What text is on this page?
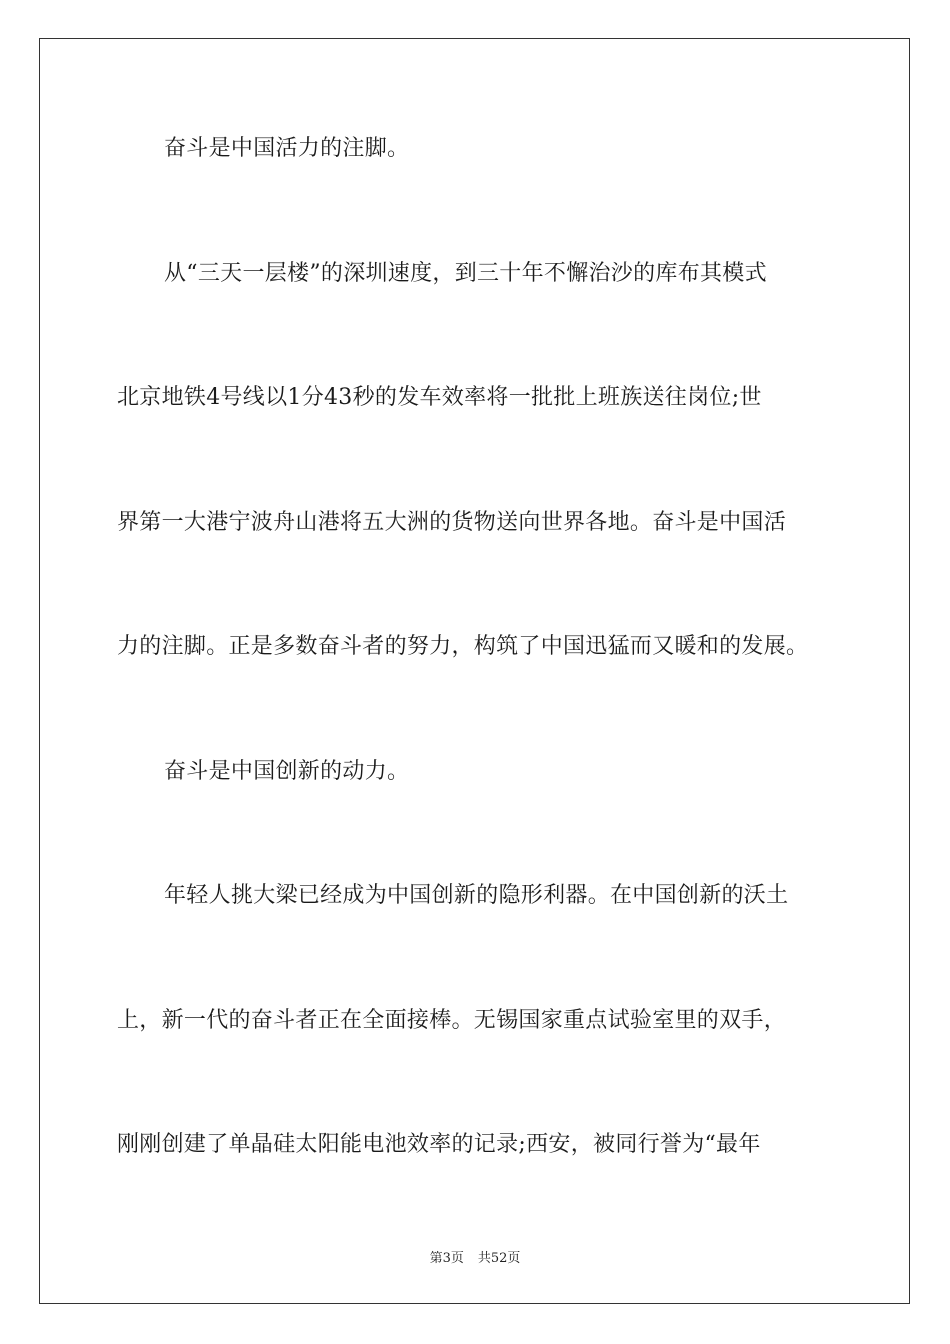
奋斗是中国活力的注脚。
从“三天一层楼”的深圳速度，到三十年不懈治沙的库布其模式
北京地铁4号线以1分43秒的发车效率将一批批上班族送往岗位;世
界第一大港宁波舟山港将五大洲的货物送向世界各地。奋斗是中国活
力的注脚。正是多数奋斗者的努力，构筑了中国迅猛而又暖和的发展。
奋斗是中国创新的动力。
年轻人挑大梁已经成为中国创新的隐形利器。在中国创新的沃土
上，新一代的奋斗者正在全面接棒。无锡国家重点试验室里的双手，
刚刚创建了单晶硅太阳能电池效率的记录;西安，被同行誉为“最年
第3页 共52页
